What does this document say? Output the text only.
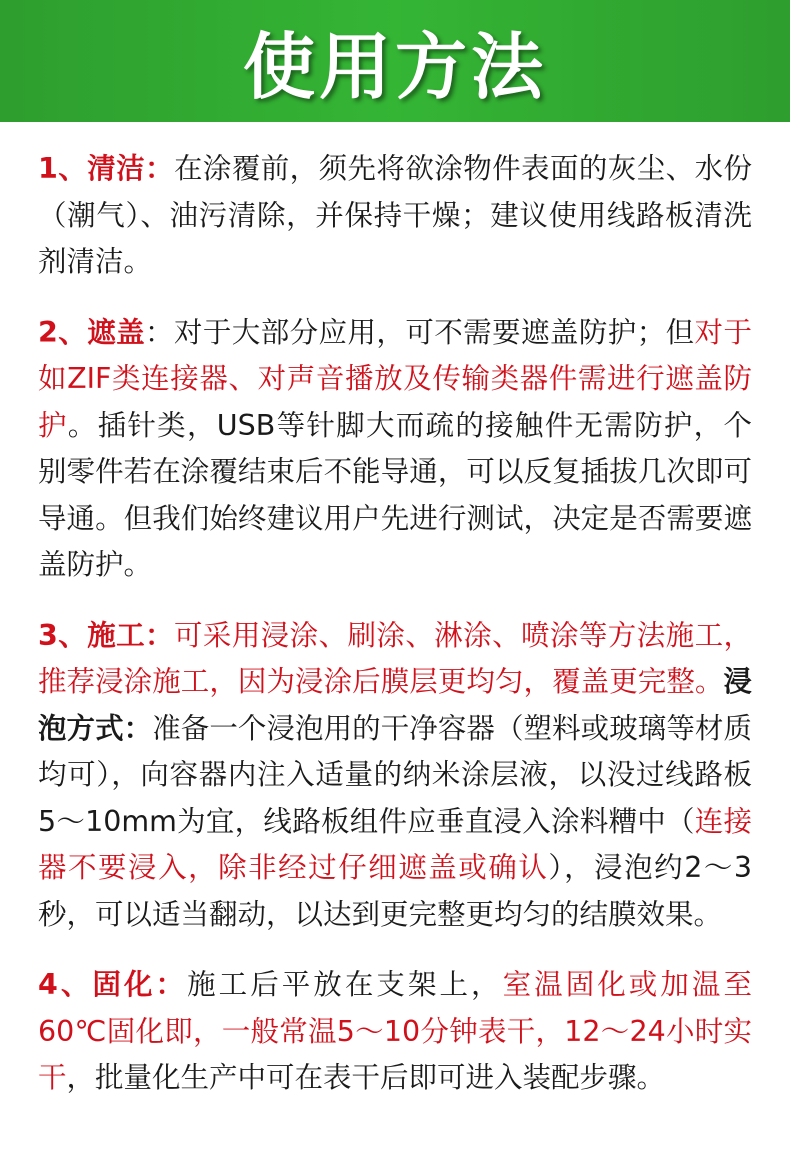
使用方法

1、清洁：在涂覆前，须先将欲涂物件表面的灰尘、水份（潮气）、油污清除，并保持干燥；建议使用线路板清洗剂清洁。

2、遮盖：对于大部分应用，可不需要遮盖防护；但对于如ZIF类连接器、对声音播放及传输类器件需进行遮盖防护。插针类，USB等针脚大而疏的接触件无需防护，个别零件若在涂覆结束后不能导通，可以反复插拔几次即可导通。但我们始终建议用户先进行测试，决定是否需要遮盖防护。

3、施工：可采用浸涂、刷涂、淋涂、喷涂等方法施工，推荐浸涂施工，因为浸涂后膜层更均匀，覆盖更完整。浸泡方式：准备一个浸泡用的干净容器（塑料或玻璃等材质均可），向容器内注入适量的纳米涂层液，以没过线路板5～10mm为宜，线路板组件应垂直浸入涂料糟中（连接器不要浸入，除非经过仔细遮盖或确认），浸泡约2～3秒，可以适当翻动，以达到更完整更均匀的结膜效果。

4、固化：施工后平放在支架上，室温固化或加温至60℃固化即，一般常温5～10分钟表干，12～24小时实干，批量化生产中可在表干后即可进入装配步骤。
